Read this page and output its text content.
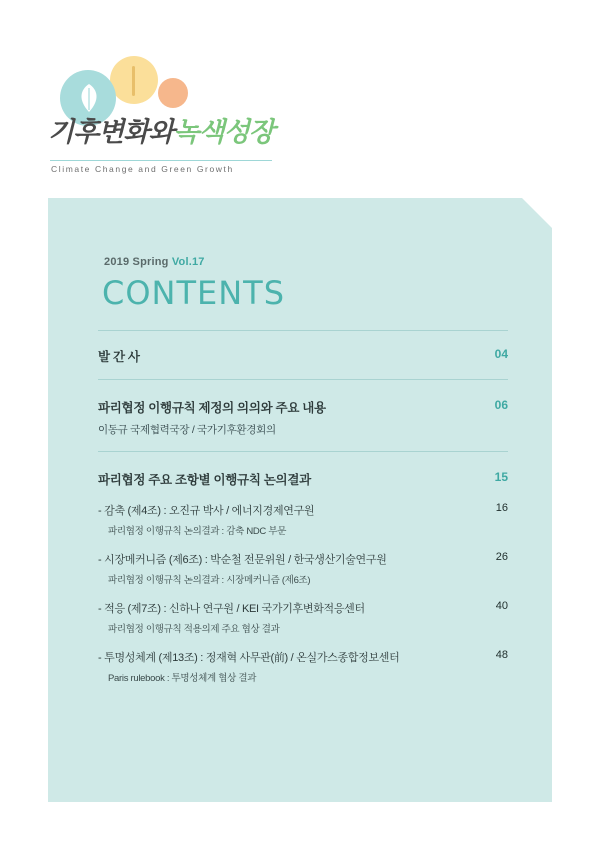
기후변화와녹색성장
Climate Change and Green Growth
2019 Spring Vol.17
CONTENTS
발 간 사	04
파리협정 이행규칙 제정의 의의와 주요 내용
이동규 국제협력국장 / 국가기후환경회의
06
파리협정 주요 조항별 이행규칙 논의결과	15
- 감축 (제4조) : 오진규 박사 / 에너지경제연구원
파리협정 이행규칙 논의결과 : 감축 NDC 부문
16
- 시장메커니즘 (제6조) : 박순철 전문위원 / 한국생산기술연구원
파리협정 이행규칙 논의결과 : 시장메커니즘 (제6조)
26
- 적응 (제7조) : 신하나 연구원 / KEI 국가기후변화적응센터
파리협정 이행규칙 적용의제 주요 협상 결과
40
- 투명성체계 (제13조) : 정재혁 사무관(前) / 온실가스종합정보센터
Paris rulebook : 투명성체계 협상 결과
48
